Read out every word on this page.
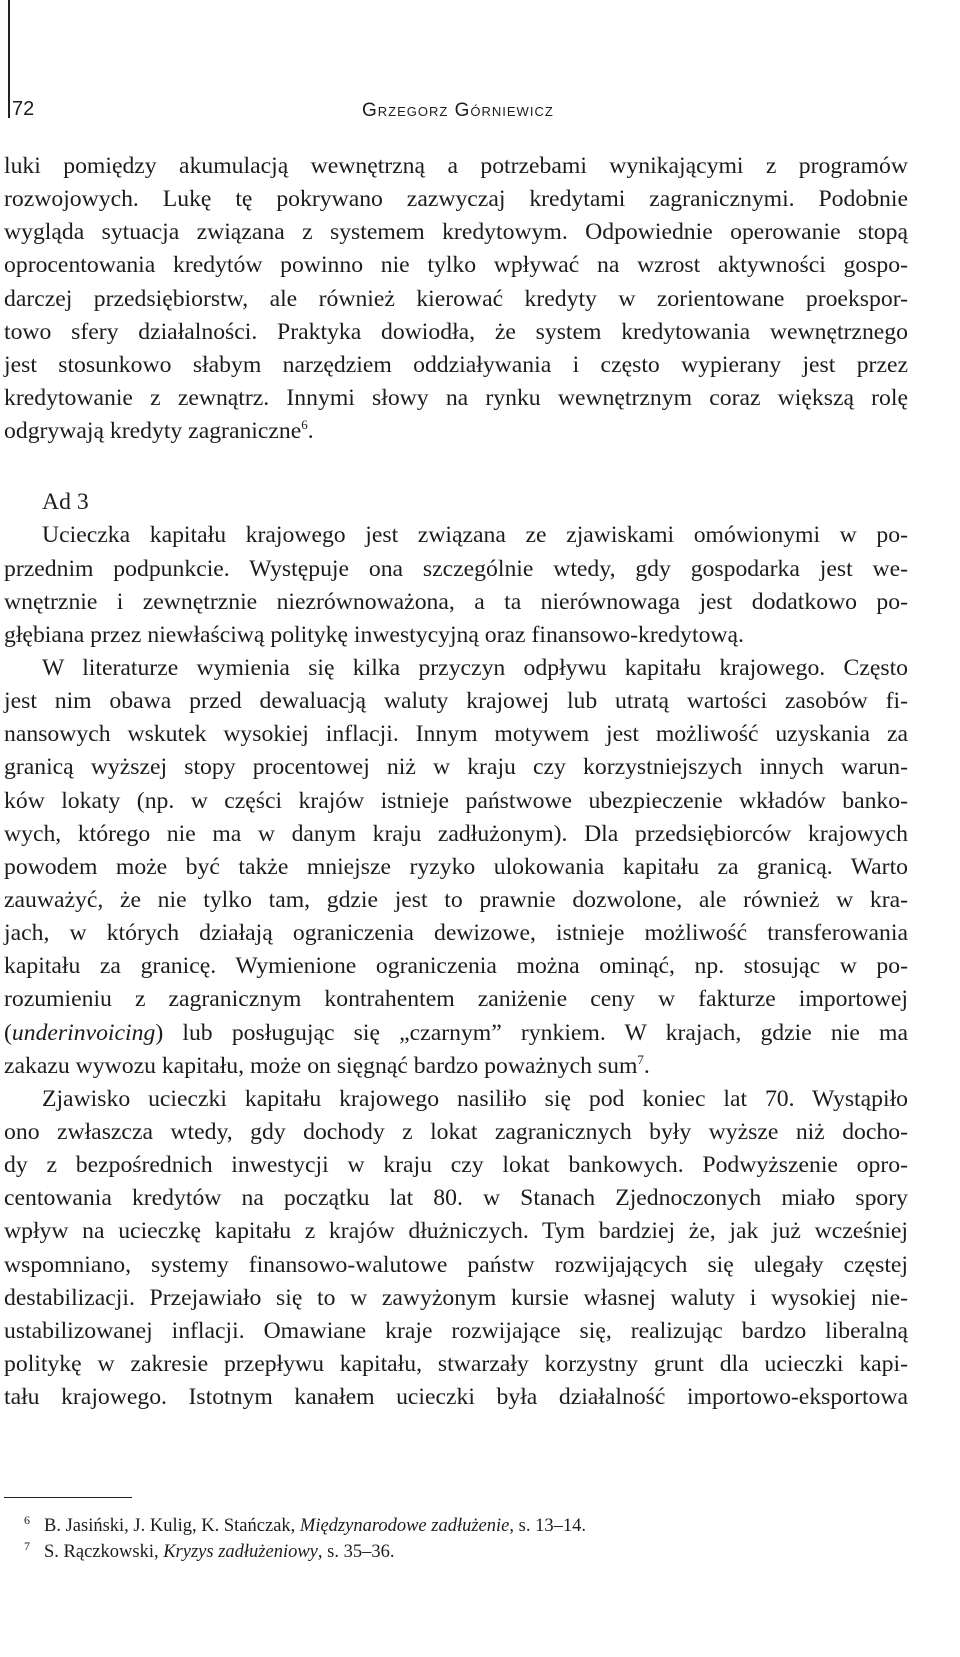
72	Grzegorz Górniewicz
luki pomiędzy akumulacją wewnętrzną a potrzebami wynikającymi z programów
rozwojowych. Lukę tę pokrywano zazwyczaj kredytami zagranicznymi. Podobnie
wygląda sytuacja związana z systemem kredytowym. Odpowiednie operowanie stopą
oprocentowania kredytów powinno nie tylko wpływać na wzrost aktywności gospo-
darczej przedsiębiorstw, ale również kierować kredyty w zorientowane proekspor-
towo sfery działalności. Praktyka dowiodła, że system kredytowania wewnętrznego
jest stosunkowo słabym narzędziem oddziaływania i często wypierany jest przez
kredytowanie z zewnątrz. Innymi słowy na rynku wewnętrznym coraz większą rolę
odgrywają kredyty zagraniczne$^6$.
Ad 3
Ucieczka kapitału krajowego jest związana ze zjawiskami omówionymi w po-
przednim podpunkcie. Występuje ona szczególnie wtedy, gdy gospodarka jest we-
wnętrznie i zewnętrznie niezrównoważona, a ta nierównowaga jest dodatkowo po-
głębiana przez niewłaściwą politykę inwestycyjną oraz finansowo-kredytową.
W literaturze wymienia się kilka przyczyn odpływu kapitału krajowego. Często
jest nim obawa przed dewaluacją waluty krajowej lub utratą wartości zasobów fi-
nansowych wskutek wysokiej inflacji. Innym motywem jest możliwość uzyskania za
granicą wyższej stopy procentowej niż w kraju czy korzystniejszych innych warun-
ków lokaty (np. w części krajów istnieje państwowe ubezpieczenie wkładów banko-
wych, którego nie ma w danym kraju zadłużonym). Dla przedsiębiorców krajowych
powodem może być także mniejsze ryzyko ulokowania kapitału za granicą. Warto
zauważyć, że nie tylko tam, gdzie jest to prawnie dozwolone, ale również w kra-
jach, w których działają ograniczenia dewizowe, istnieje możliwość transferowania
kapitału za granicę. Wymienione ograniczenia można ominąć, np. stosując w po-
rozumieniu z zagranicznym kontrahentem zaniżenie ceny w fakturze importowej
(underinvoicing) lub posługując się „czarnym” rynkiem. W krajach, gdzie nie ma
zakazu wywozu kapitału, może on sięgnąć bardzo poważnych sum$^7$.
Zjawisko ucieczki kapitału krajowego nasiliło się pod koniec lat 70. Wystąpiło
ono zwłaszcza wtedy, gdy dochody z lokat zagranicznych były wyższe niż docho-
dy z bezpośrednich inwestycji w kraju czy lokat bankowych. Podwyższenie opro-
centowania kredytów na początku lat 80. w Stanach Zjednoczonych miało spory
wpływ na ucieczkę kapitału z krajów dłużniczych. Tym bardziej że, jak już wcześniej
wspomniano, systemy finansowo-walutowe państw rozwijających się ulegały częstej
destabilizacji. Przejawiało się to w zawyżonym kursie własnej waluty i wysokiej nie-
ustabilizowanej inflacji. Omawiane kraje rozwijające się, realizując bardzo liberalną
politykę w zakresie przepływu kapitału, stwarzały korzystny grunt dla ucieczki kapi-
tału krajowego. Istotnym kanałem ucieczki była działalność importowo-eksportowa
$^6$ B. Jasiński, J. Kulig, K. Stańczak, Międzynarodowe zadłużenie, s. 13–14.
$^7$ S. Rączkowski, Kryzys zadłużeniowy, s. 35–36.
